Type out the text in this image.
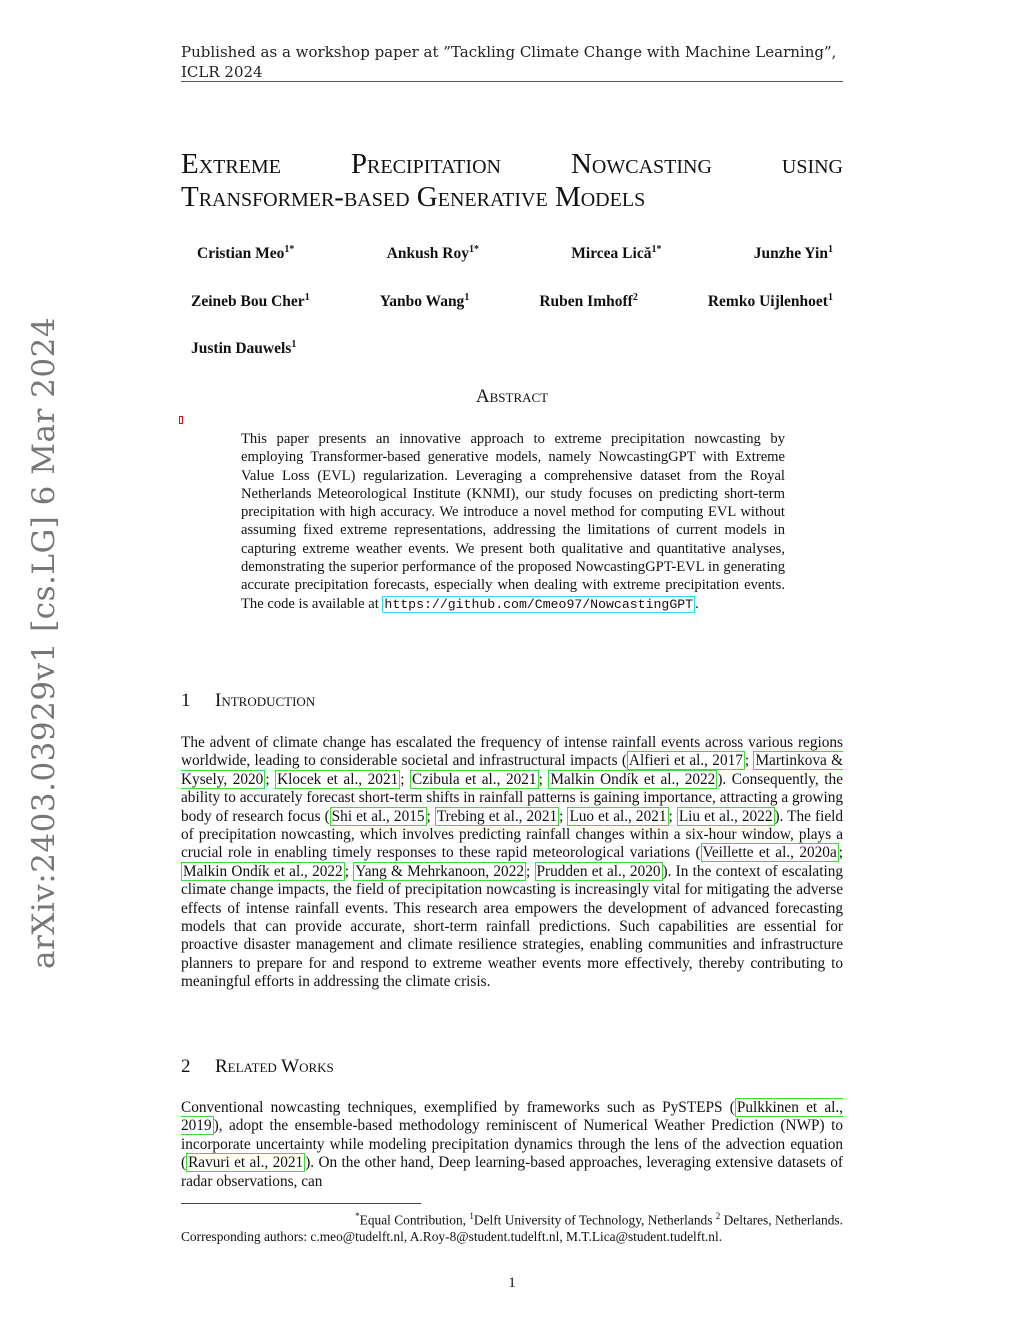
Published as a workshop paper at ”Tackling Climate Change with Machine Learning”,
ICLR 2024
arXiv:2403.03929v1 [cs.LG] 6 Mar 2024
Extreme Precipitation Nowcasting using
Transformer-based Generative Models
Cristian Meo$^{1*}$	Ankush Roy$^{1*}$	Mircea Lică$^{1*}$	Junzhe Yin$^1$
Zeineb Bou Cher$^1$	Yanbo Wang$^1$	Ruben Imhoff$^2$	Remko Uijlenhoet$^1$
Justin Dauwels$^1$
Abstract
This paper presents an innovative approach to extreme precipitation nowcasting by employing Transformer-based generative models, namely NowcastingGPT with Extreme Value Loss (EVL) regularization. Leveraging a comprehensive dataset from the Royal Netherlands Meteorological Institute (KNMI), our study focuses on predicting short-term precipitation with high accuracy. We introduce a novel method for computing EVL without assuming fixed extreme representations, addressing the limitations of current models in capturing extreme weather events. We present both qualitative and quantitative analyses, demonstrating the superior performance of the proposed NowcastingGPT-EVL in generating accurate precipitation forecasts, especially when dealing with extreme precipitation events. The code is available at https://github.com/Cmeo97/NowcastingGPT .
1 Introduction
The advent of climate change has escalated the frequency of intense rainfall events across various regions worldwide, leading to considerable societal and infrastructural impacts ( Alfieri et al., 2017 ; Martinkova & Kysely, 2020 ; Klocek et al., 2021 ; Czibula et al., 2021 ; Malkin Ondík et al., 2022 ). Consequently, the ability to accurately forecast short-term shifts in rainfall patterns is gaining importance, attracting a growing body of research focus ( Shi et al., 2015 ; Trebing et al., 2021 ; Luo et al., 2021 ; Liu et al., 2022 ). The field of precipitation nowcasting, which involves predicting rainfall changes within a six-hour window, plays a crucial role in enabling timely responses to these rapid meteorological variations ( Veillette et al., 2020a ; Malkin Ondík et al., 2022 ; Yang & Mehrkanoon, 2022 ; Prudden et al., 2020 ). In the context of escalating climate change impacts, the field of precipitation nowcasting is increasingly vital for mitigating the adverse effects of intense rainfall events. This research area empowers the development of advanced forecasting models that can provide accurate, short-term rainfall predictions. Such capabilities are essential for proactive disaster management and climate resilience strategies, enabling communities and infrastructure planners to prepare for and respond to extreme weather events more effectively, thereby contributing to meaningful efforts in addressing the climate crisis.
2 Related Works
Conventional nowcasting techniques, exemplified by frameworks such as PySTEPS ( Pulkkinen et al., 2019 ), adopt the ensemble-based methodology reminiscent of Numerical Weather Prediction (NWP) to incorporate uncertainty while modeling precipitation dynamics through the lens of the advection equation ( Ravuri et al., 2021 ). On the other hand, Deep learning-based approaches, leveraging extensive datasets of radar observations, can
*Equal Contribution, $^1$Delft University of Technology, Netherlands $^2$ Deltares, Netherlands.
Corresponding authors: c.meo@tudelft.nl, A.Roy-8@student.tudelft.nl, M.T.Lica@student.tudelft.nl.
1
